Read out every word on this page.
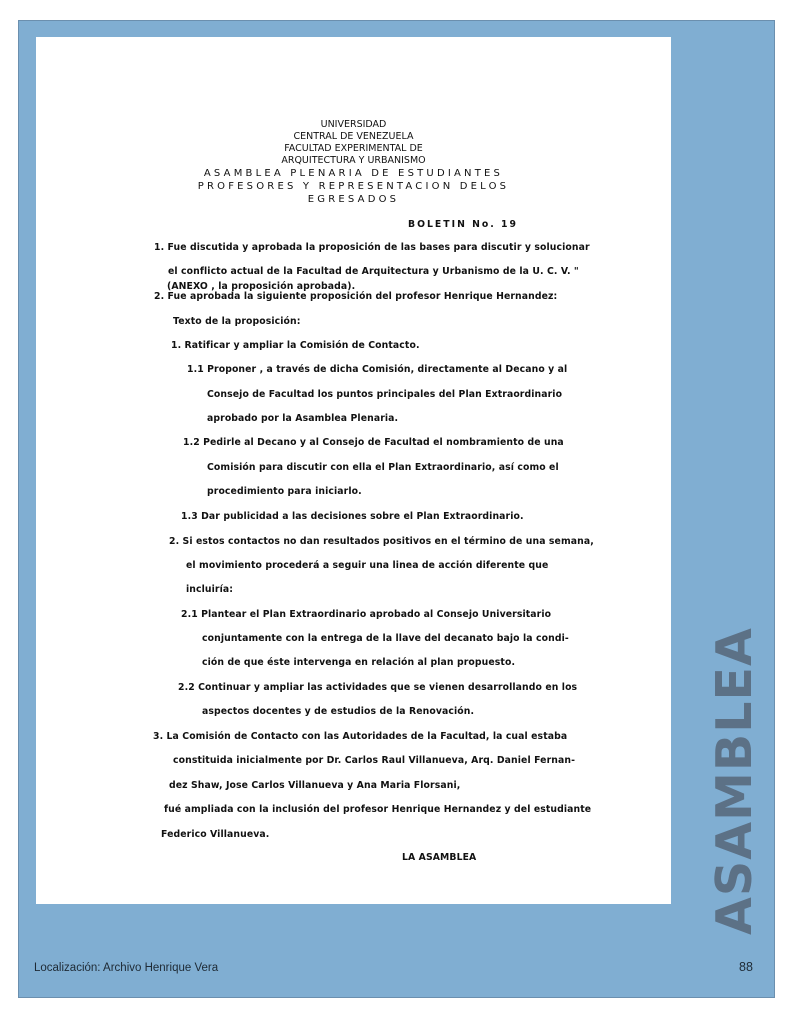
UNIVERSIDAD
CENTRAL DE VENEZUELA
FACULTAD EXPERIMENTAL DE
ARQUITECTURA Y URBANISMO
ASAMBLEA PLENARIA DE ESTUDIANTES
PROFESORES Y REPRESENTACION DELOS
EGRESADOS
BOLETIN No. 19
1. Fue discutida y aprobada la proposición de las bases para discutir y solucionar
el conflicto actual de la Facultad de Arquitectura y Urbanismo de la U. C. V. "
(ANEXO , la proposición aprobada).
2. Fue aprobada la siguiente proposición del profesor Henrique Hernandez:
Texto de la proposición:
1. Ratificar y ampliar la Comisión de Contacto.
1.1 Proponer , a través de dicha Comisión, directamente al Decano y al
Consejo de Facultad los puntos principales del Plan Extraordinario
aprobado por la Asamblea Plenaria.
1.2 Pedirle al Decano y al Consejo de Facultad el nombramiento de una
Comisión para discutir con ella el Plan Extraordinario, así como el
procedimiento para iniciarlo.
1.3 Dar publicidad a las decisiones sobre el Plan Extraordinario.
2. Si estos contactos no dan resultados positivos en el término de una semana,
el movimiento procederá a seguir una linea de acción diferente que
incluiría:
2.1 Plantear el Plan Extraordinario aprobado al Consejo Universitario
conjuntamente con la entrega de la llave del decanato bajo la condi-
ción de que éste intervenga en relación al plan propuesto.
2.2 Continuar y ampliar las actividades que se vienen desarrollando en los
aspectos docentes y de estudios de la Renovación.
3. La Comisión de Contacto con las Autoridades de la Facultad, la cual estaba
constituida inicialmente por Dr. Carlos Raul Villanueva, Arq. Daniel Fernan-
dez Shaw, Jose Carlos Villanueva y Ana Maria Florsani,
fué ampliada con la inclusión del profesor Henrique Hernandez y del estudiante
Federico Villanueva.
LA ASAMBLEA	ASAMBLEA
Localización: Archivo Henrique Vera	88
